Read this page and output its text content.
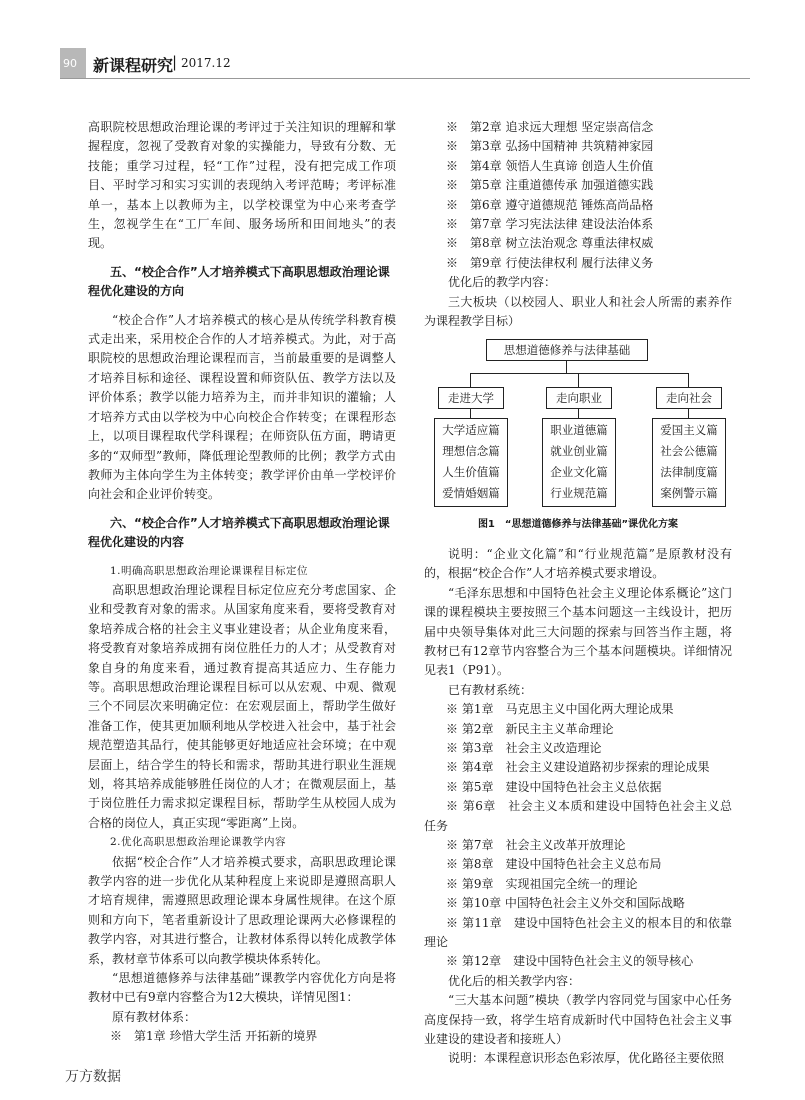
90 新课程研究
| 2017.12

高职院校思想政治理论课的考评过于关注知识的理解和掌握程度，忽视了受教育对象的实操能力，导致有分数、无技能；重学习过程，轻“工作”过程，没有把完成工作项目、平时学习和实习实训的表现纳入考评范畴；考评标准单一，基本上以教师为主，以学校课堂为中心来考查学生，忽视学生在“工厂车间、服务场所和田间地头”的表现。

五、“校企合作”人才培养模式下高职思想政治理论课程优化建设的方向

“校企合作”人才培养模式的核心是从传统学科教育模式走出来，采用校企合作的人才培养模式。为此，对于高职院校的思想政治理论课程而言，当前最重要的是调整人才培养目标和途径、课程设置和师资队伍、教学方法以及评价体系；教学以能力培养为主，而并非知识的灌输；人才培养方式由以学校为中心向校企合作转变；在课程形态上，以项目课程取代学科课程；在师资队伍方面，聘请更多的“双师型”教师，降低理论型教师的比例；教学方式由教师为主体向学生为主体转变；教学评价由单一学校评价向社会和企业评价转变。

六、“校企合作”人才培养模式下高职思想政治理论课程优化建设的内容

1.明确高职思想政治理论课课程目标定位

高职思想政治理论课程目标定位应充分考虑国家、企业和受教育对象的需求。从国家角度来看，要将受教育对象培养成合格的社会主义事业建设者；从企业角度来看，将受教育对象培养成拥有岗位胜任力的人才；从受教育对象自身的角度来看，通过教育提高其适应力、生存能力等。高职思想政治理论课程目标可以从宏观、中观、微观三个不同层次来明确定位：在宏观层面上，帮助学生做好准备工作，使其更加顺利地从学校进入社会中，基于社会规范塑造其品行，使其能够更好地适应社会环境；在中观层面上，结合学生的特长和需求，帮助其进行职业生涯规划，将其培养成能够胜任岗位的人才；在微观层面上，基于岗位胜任力需求拟定课程目标，帮助学生从校园人成为合格的岗位人，真正实现“零距离”上岗。

2.优化高职思想政治理论课教学内容

依据“校企合作”人才培养模式要求，高职思政理论课教学内容的进一步优化从某种程度上来说即是遵照高职人才培育规律，需遵照思政理论课本身属性规律。在这个原则和方向下，笔者重新设计了思政理论课两大必修课程的教学内容，对其进行整合，让教材体系得以转化成教学体系，教材章节体系可以向教学模块体系转化。

“思想道德修养与法律基础”课教学内容优化方向是将教材中已有9章内容整合为12大模块，详情见图1：

原有教材体系：

※　第1章 珍惜大学生活 开拓新的境界

※　第2章 追求远大理想 坚定崇高信念

※　第3章 弘扬中国精神 共筑精神家园

※　第4章 领悟人生真谛 创造人生价值

※　第5章 注重道德传承 加强道德实践

※　第6章 遵守道德规范 锤炼高尚品格

※　第7章 学习宪法法律 建设法治体系

※　第8章 树立法治观念 尊重法律权威

※　第9章 行使法律权利 履行法律义务

优化后的教学内容：

三大板块（以校园人、职业人和社会人所需的素养作为课程教学目标）

思想道德修养与法律基础
走进大学	走向职业	走向社会
大学适应篇
理想信念篇
人生价值篇
爱情婚姻篇
职业道德篇
就业创业篇
企业文化篇
行业规范篇
爱国主义篇
社会公德篇
法律制度篇
案例警示篇

图1　“思想道德修养与法律基础”课优化方案

说明：“企业文化篇”和“行业规范篇”是原教材没有的，根据“校企合作”人才培养模式要求增设。

“毛泽东思想和中国特色社会主义理论体系概论”这门课的课程模块主要按照三个基本问题这一主线设计，把历届中央领导集体对此三大问题的探索与回答当作主题，将教材已有12章节内容整合为三个基本问题模块。详细情况见表1（P91）。

已有教材系统：

※ 第1章　马克思主义中国化两大理论成果

※ 第2章　新民主主义革命理论

※ 第3章　社会主义改造理论

※ 第4章　社会主义建设道路初步探索的理论成果

※ 第5章　建设中国特色社会主义总依据

※ 第6章　社会主义本质和建设中国特色社会主义总任务

※ 第7章　社会主义改革开放理论

※ 第8章　建设中国特色社会主义总布局

※ 第9章　实现祖国完全统一的理论

※ 第10章 中国特色社会主义外交和国际战略

※ 第11章　建设中国特色社会主义的根本目的和依靠理论

※ 第12章　建设中国特色社会主义的领导核心

优化后的相关教学内容：

“三大基本问题”模块（教学内容同党与国家中心任务高度保持一致，将学生培育成新时代中国特色社会主义事业建设的建设者和接班人）

说明：本课程意识形态色彩浓厚，优化路径主要依照

万方数据
